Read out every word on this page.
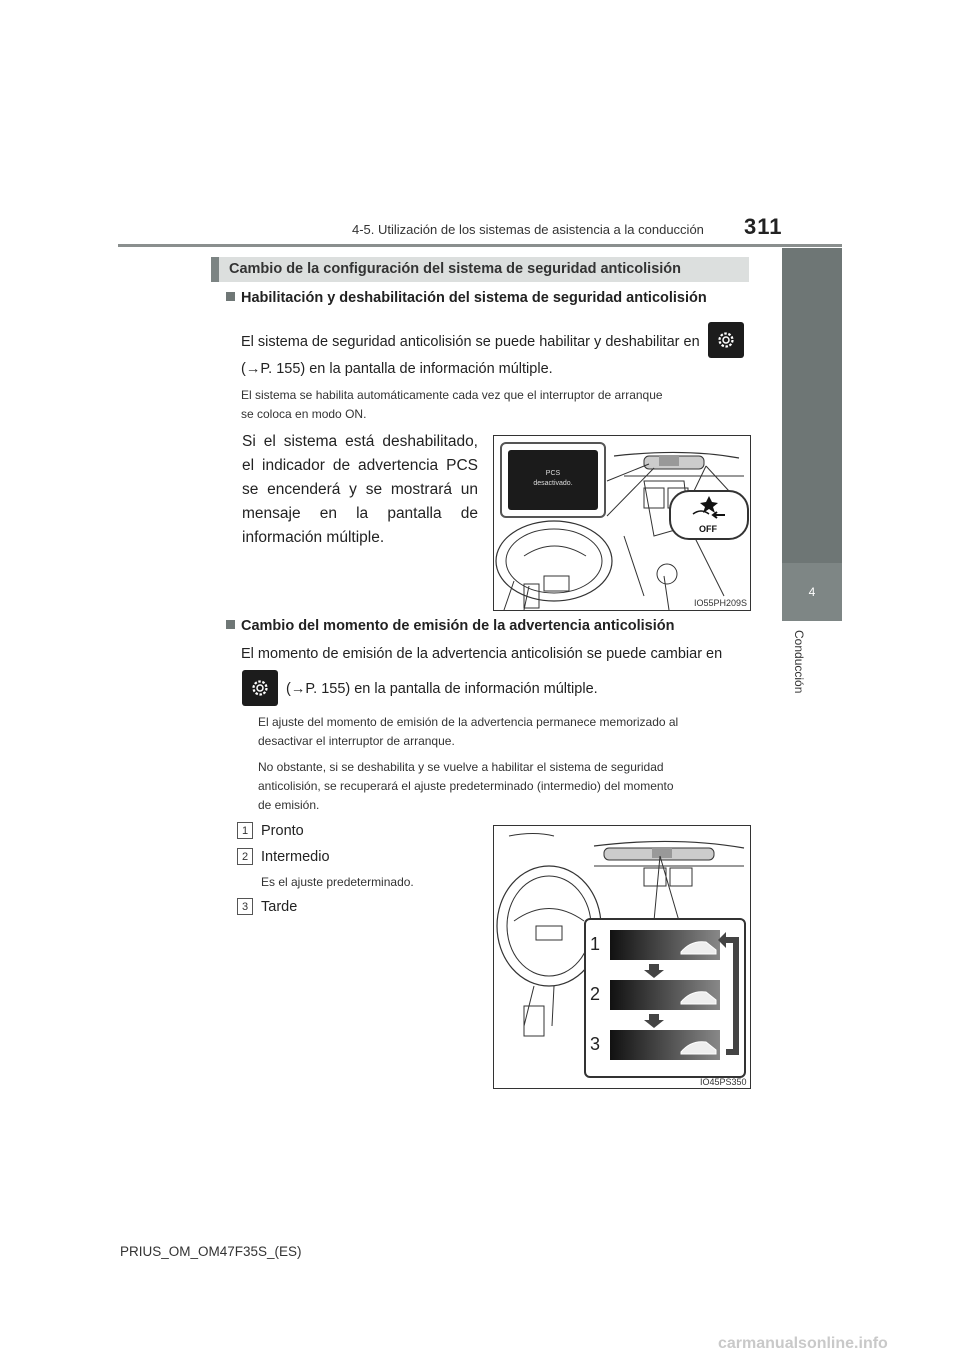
4-5. Utilización de los sistemas de asistencia a la conducción 311
4
Conducción
Cambio de la configuración del sistema de seguridad anticolisión
Habilitación y deshabilitación del sistema de seguridad anticolisión
El sistema de seguridad anticolisión se puede habilitar y deshabilitar en
(→P. 155) en la pantalla de información múltiple.
El sistema se habilita automáticamente cada vez que el interruptor de arranque
se coloca en modo ON.
Si el sistema está deshabilitado, el indicador de advertencia PCS se encenderá y se mostrará un mensaje en la pantalla de información múltiple.
PCS
desactivado.
OFF
IO55PH209S
Cambio del momento de emisión de la advertencia anticolisión
El momento de emisión de la advertencia anticolisión se puede cambiar en
(→P. 155) en la pantalla de información múltiple.
El ajuste del momento de emisión de la advertencia permanece memorizado al
desactivar el interruptor de arranque.
No obstante, si se deshabilita y se vuelve a habilitar el sistema de seguridad
anticolisión, se recuperará el ajuste predeterminado (intermedio) del momento
de emisión.
1 Pronto
2 Intermedio
Es el ajuste predeterminado.
3 Tarde
1
2
3
IO45PS350
PRIUS_OM_OM47F35S_(ES)
carmanualsonline.info
